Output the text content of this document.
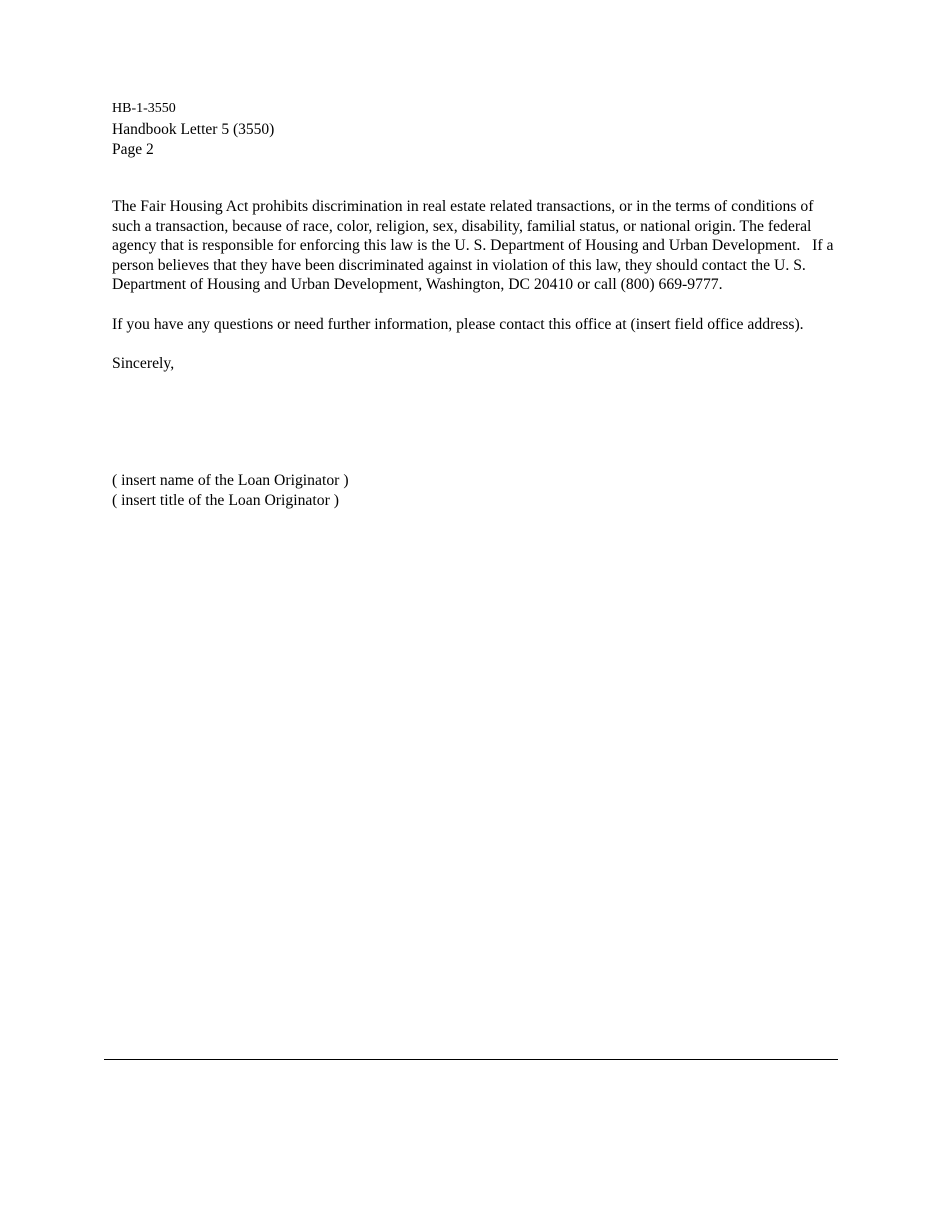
HB-1-3550
Handbook Letter 5 (3550)
Page 2

The Fair Housing Act prohibits discrimination in real estate related transactions, or in the terms of conditions of such a transaction, because of race, color, religion, sex, disability, familial status, or national origin. The federal agency that is responsible for enforcing this law is the U. S. Department of Housing and Urban Development.   If a person believes that they have been discriminated against in violation of this law, they should contact the U. S. Department of Housing and Urban Development, Washington, DC 20410 or call (800) 669-9777.

If you have any questions or need further information, please contact this office at (insert field office address).

Sincerely,

( insert name of the Loan Originator )
( insert title of the Loan Originator )
